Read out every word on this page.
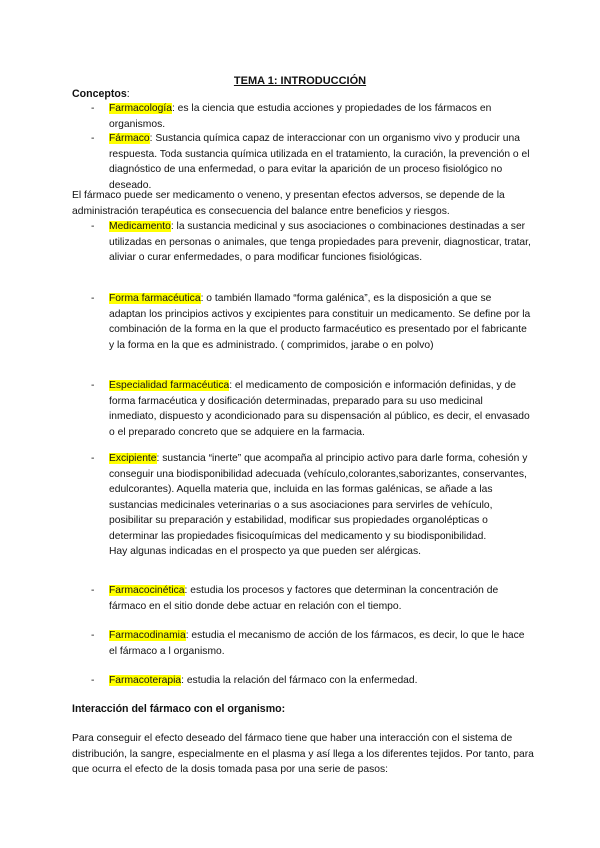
TEMA 1: INTRODUCCIÓN
Conceptos:
-	Farmacología: es la ciencia que estudia acciones y propiedades de los fármacos en organismos.
-	Fármaco: Sustancia química capaz de interaccionar con un organismo vivo y producir una respuesta. Toda sustancia química utilizada en el tratamiento, la curación, la prevención o el diagnóstico de una enfermedad, o para evitar la aparición de un proceso fisiológico no deseado.
El fármaco puede ser medicamento o veneno, y presentan efectos adversos, se depende de la administración terapéutica es consecuencia del balance entre beneficios y riesgos.
-	Medicamento: la sustancia medicinal y sus asociaciones o combinaciones destinadas a ser utilizadas en personas o animales, que tenga propiedades para prevenir, diagnosticar, tratar, aliviar o curar enfermedades, o para modificar funciones fisiológicas.
-	Forma farmacéutica: o también llamado “forma galénica”, es la disposición a que se adaptan los principios activos y excipientes para constituir un medicamento. Se define por la combinación de la forma en la que el producto farmacéutico es presentado por el fabricante y la forma en la que es administrado. ( comprimidos, jarabe o en polvo)
-	Especialidad farmacéutica: el medicamento de composición e información definidas, y de forma farmacéutica y dosificación determinadas, preparado para su uso medicinal inmediato, dispuesto y acondicionado para su dispensación al público, es decir, el envasado o el preparado concreto que se adquiere en la farmacia.
-	Excipiente: sustancia “inerte” que acompaña al principio activo para darle forma, cohesión y conseguir una biodisponibilidad adecuada (vehículo,colorantes,saborizantes, conservantes, edulcorantes). Aquella materia que, incluida en las formas galénicas, se añade a las sustancias medicinales veterinarias o a sus asociaciones para servirles de vehículo, posibilitar su preparación y estabilidad, modificar sus propiedades organolépticas o determinar las propiedades fisicoquímicas del medicamento y su biodisponibilidad.
Hay algunas indicadas en el prospecto ya que pueden ser alérgicas.
-	Farmacocinética: estudia los procesos y factores que determinan la concentración de fármaco en el sitio donde debe actuar en relación con el tiempo.
-	Farmacodinamia: estudia el mecanismo de acción de los fármacos, es decir, lo que le hace el fármaco a l organismo.
-	Farmacoterapia: estudia la relación del fármaco con la enfermedad.
Interacción del fármaco con el organismo:
Para conseguir el efecto deseado del fármaco tiene que haber una interacción con el sistema de distribución, la sangre, especialmente en el plasma y así llega a los diferentes tejidos. Por tanto, para que ocurra el efecto de la dosis tomada pasa por una serie de pasos:
